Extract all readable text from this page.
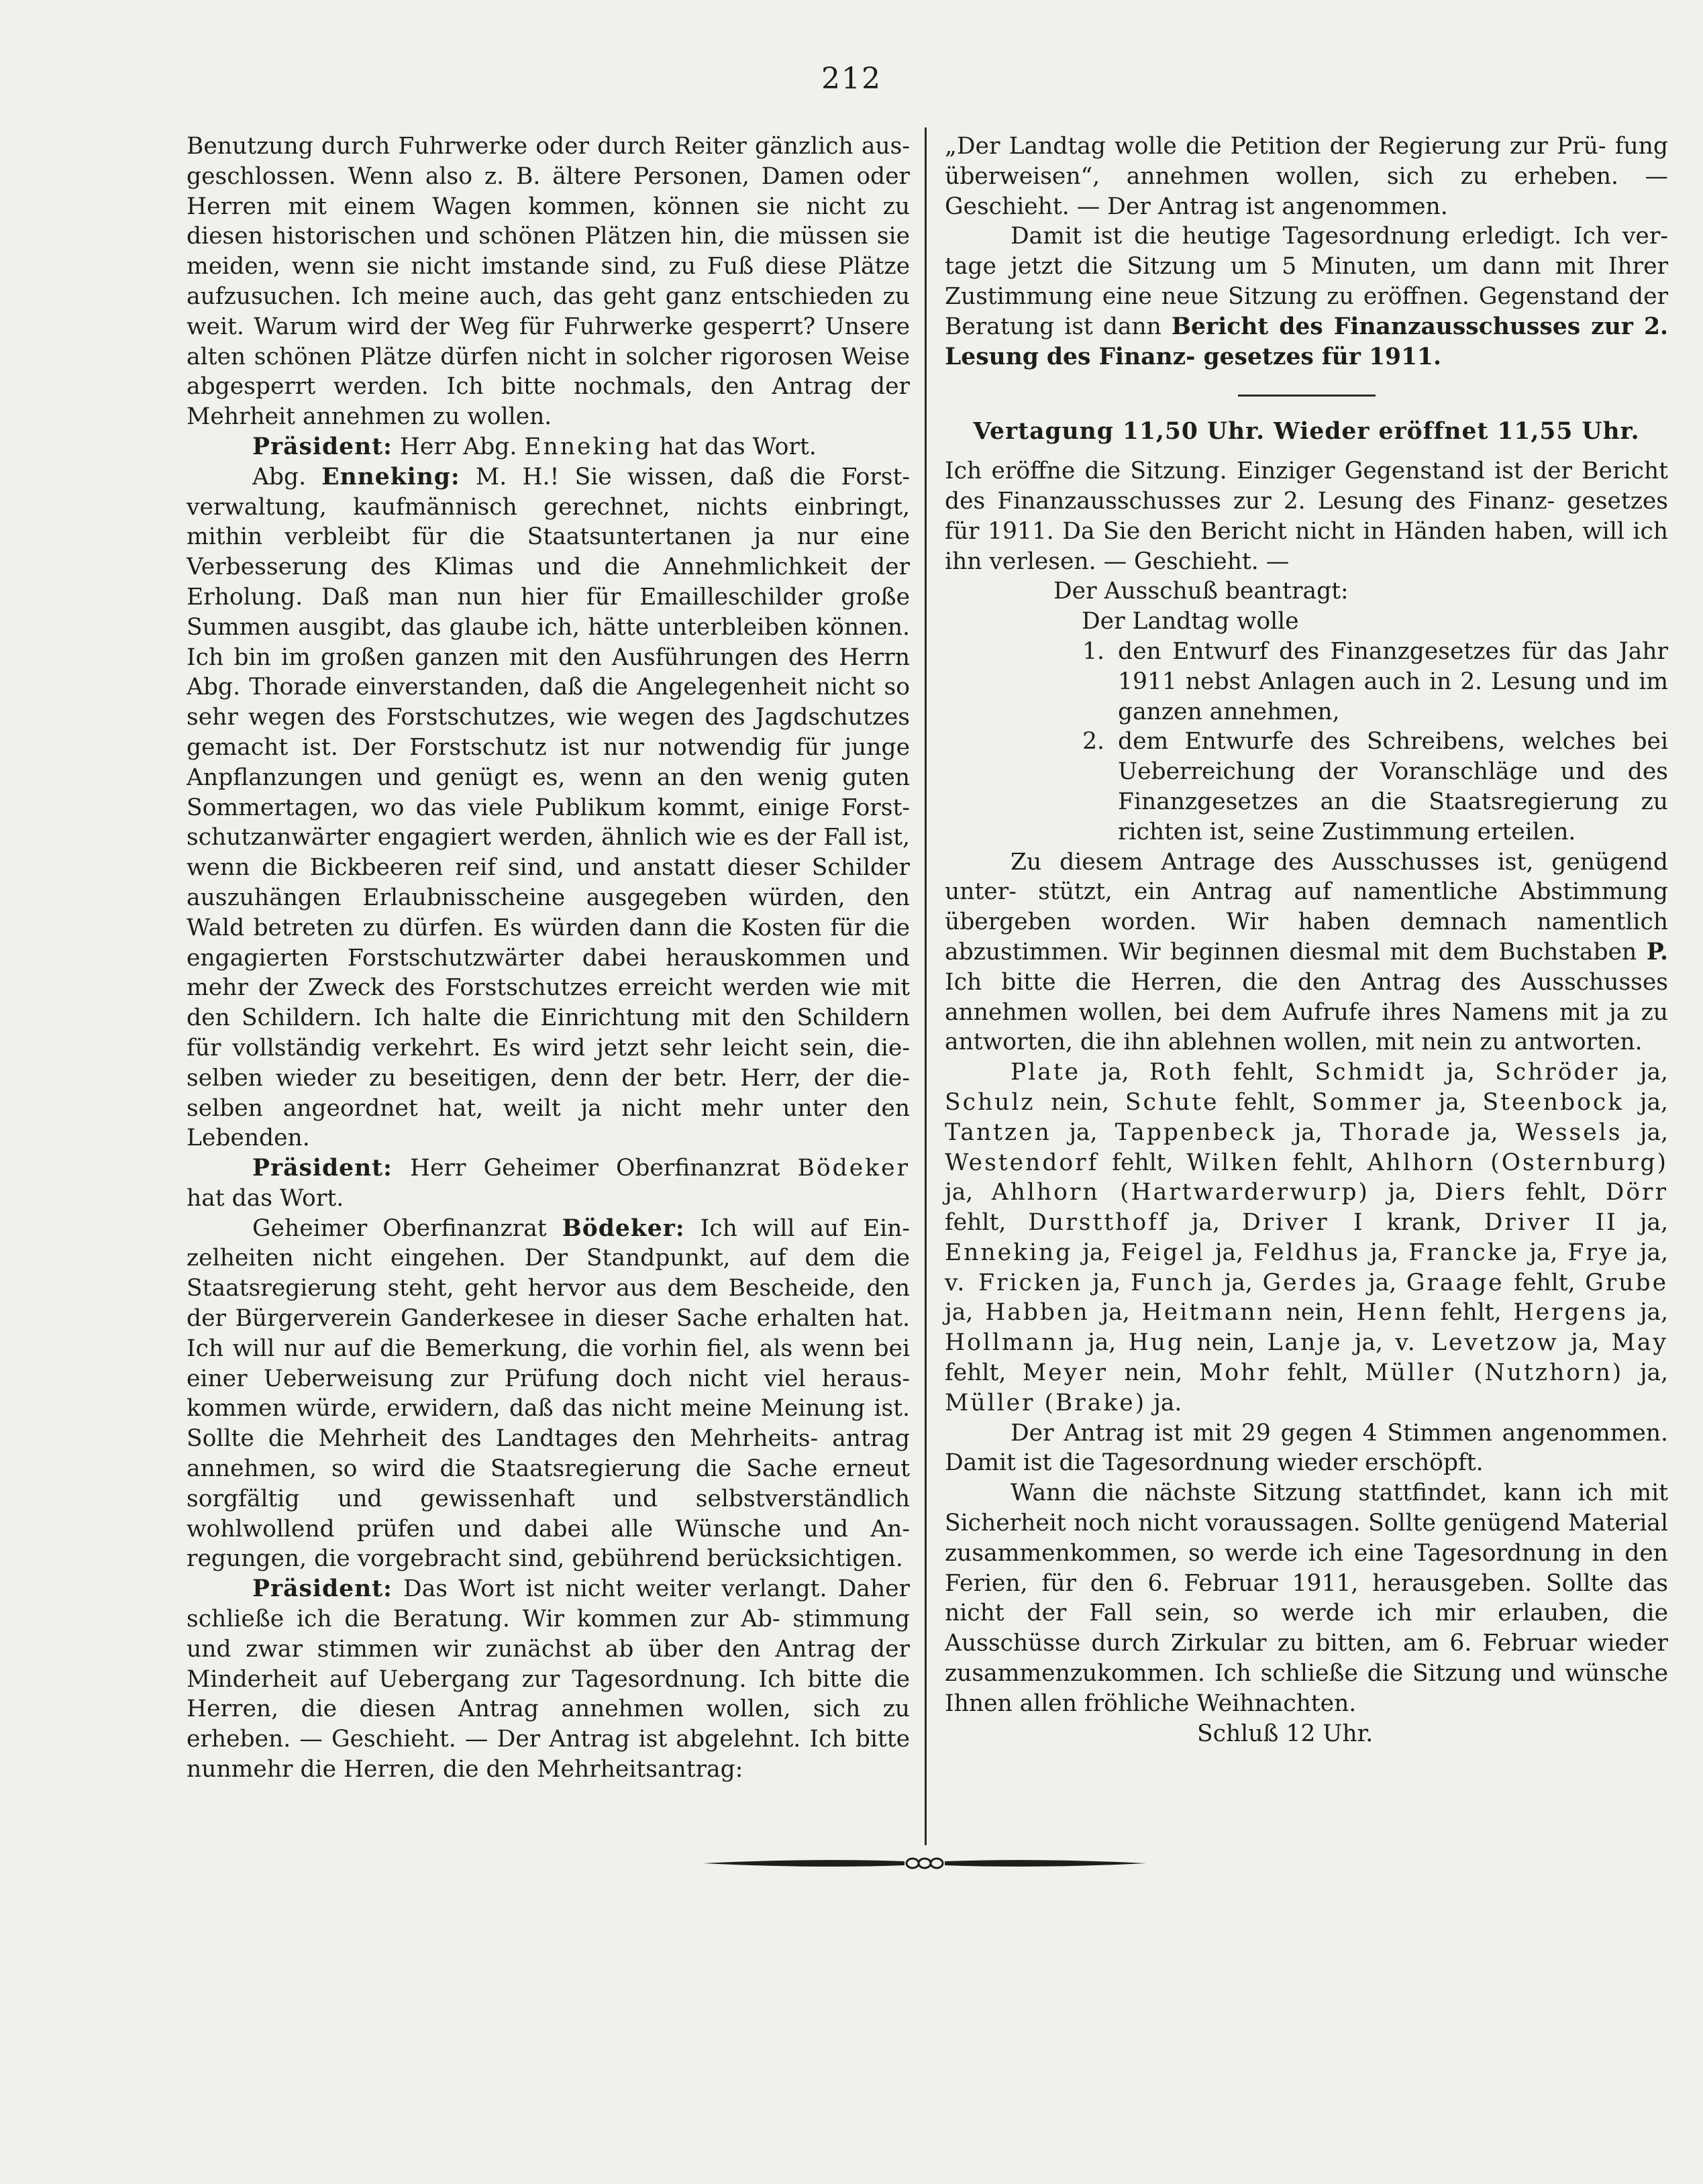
212

Benutzung durch Fuhrwerke oder durch Reiter gänzlich aus- geschlossen. Wenn also z. B. ältere Personen, Damen oder Herren mit einem Wagen kommen, können sie nicht zu diesen historischen und schönen Plätzen hin, die müssen sie meiden, wenn sie nicht imstande sind, zu Fuß diese Plätze aufzusuchen. Ich meine auch, das geht ganz entschieden zu weit. Warum wird der Weg für Fuhrwerke gesperrt? Unsere alten schönen Plätze dürfen nicht in solcher rigorosen Weise abgesperrt werden. Ich bitte nochmals, den Antrag der Mehrheit annehmen zu wollen.

Präsident: Herr Abg. Enneking hat das Wort.

Abg. Enneking: M. H.! Sie wissen, daß die Forst- verwaltung, kaufmännisch gerechnet, nichts einbringt, mithin verbleibt für die Staatsuntertanen ja nur eine Verbesserung des Klimas und die Annehmlichkeit der Erholung. Daß man nun hier für Emailleschilder große Summen ausgibt, das glaube ich, hätte unterbleiben können. Ich bin im großen ganzen mit den Ausführungen des Herrn Abg. Thorade einverstanden, daß die Angelegenheit nicht so sehr wegen des Forstschutzes, wie wegen des Jagdschutzes gemacht ist. Der Forstschutz ist nur notwendig für junge Anpflanzungen und genügt es, wenn an den wenig guten Sommertagen, wo das viele Publikum kommt, einige Forst- schutzanwärter engagiert werden, ähnlich wie es der Fall ist, wenn die Bickbeeren reif sind, und anstatt dieser Schilder auszuhängen Erlaubnisscheine ausgegeben würden, den Wald betreten zu dürfen. Es würden dann die Kosten für die engagierten Forstschutzwärter dabei herauskommen und mehr der Zweck des Forstschutzes erreicht werden wie mit den Schildern. Ich halte die Einrichtung mit den Schildern für vollständig verkehrt. Es wird jetzt sehr leicht sein, die- selben wieder zu beseitigen, denn der betr. Herr, der die- selben angeordnet hat, weilt ja nicht mehr unter den Lebenden.

Präsident: Herr Geheimer Oberfinanzrat Bödeker hat das Wort.

Geheimer Oberfinanzrat Bödeker: Ich will auf Ein- zelheiten nicht eingehen. Der Standpunkt, auf dem die Staatsregierung steht, geht hervor aus dem Bescheide, den der Bürgerverein Ganderkesee in dieser Sache erhalten hat. Ich will nur auf die Bemerkung, die vorhin fiel, als wenn bei einer Ueberweisung zur Prüfung doch nicht viel heraus- kommen würde, erwidern, daß das nicht meine Meinung ist. Sollte die Mehrheit des Landtages den Mehrheits- antrag annehmen, so wird die Staatsregierung die Sache erneut sorgfältig und gewissenhaft und selbstverständlich wohlwollend prüfen und dabei alle Wünsche und An- regungen, die vorgebracht sind, gebührend berücksichtigen.

Präsident: Das Wort ist nicht weiter verlangt. Daher schließe ich die Beratung. Wir kommen zur Ab- stimmung und zwar stimmen wir zunächst ab über den Antrag der Minderheit auf Uebergang zur Tagesordnung. Ich bitte die Herren, die diesen Antrag annehmen wollen, sich zu erheben. — Geschieht. — Der Antrag ist abgelehnt. Ich bitte nunmehr die Herren, die den Mehrheitsantrag:

„Der Landtag wolle die Petition der Regierung zur Prü- fung überweisen“, annehmen wollen, sich zu erheben. — Geschieht. — Der Antrag ist angenommen.

Damit ist die heutige Tagesordnung erledigt. Ich ver- tage jetzt die Sitzung um 5 Minuten, um dann mit Ihrer Zustimmung eine neue Sitzung zu eröffnen. Gegenstand der Beratung ist dann Bericht des Finanzausschusses zur 2. Lesung des Finanz- gesetzes für 1911.

Vertagung 11,50 Uhr. Wieder eröffnet 11,55 Uhr.

Ich eröffne die Sitzung. Einziger Gegenstand ist der Bericht des Finanzausschusses zur 2. Lesung des Finanz- gesetzes für 1911. Da Sie den Bericht nicht in Händen haben, will ich ihn verlesen. — Geschieht. —

Der Ausschuß beantragt:

Der Landtag wolle

1. den Entwurf des Finanzgesetzes für das Jahr 1911 nebst Anlagen auch in 2. Lesung und im ganzen annehmen,
2. dem Entwurfe des Schreibens, welches bei Ueberreichung der Voranschläge und des Finanzgesetzes an die Staatsregierung zu richten ist, seine Zustimmung erteilen.

Zu diesem Antrage des Ausschusses ist, genügend unter- stützt, ein Antrag auf namentliche Abstimmung übergeben worden. Wir haben demnach namentlich abzustimmen. Wir beginnen diesmal mit dem Buchstaben P. Ich bitte die Herren, die den Antrag des Ausschusses annehmen wollen, bei dem Aufrufe ihres Namens mit ja zu antworten, die ihn ablehnen wollen, mit nein zu antworten.

Plate ja, Roth fehlt, Schmidt ja, Schröder ja, Schulz nein, Schute fehlt, Sommer ja, Steenbock ja, Tantzen ja, Tappenbeck ja, Thorade ja, Wessels ja, Westendorf fehlt, Wilken fehlt, Ahlhorn (Osternburg) ja, Ahlhorn (Hartwarderwurp) ja, Diers fehlt, Dörr fehlt, Durstthoff ja, Driver I krank, Driver II ja, Enneking ja, Feigel ja, Feldhus ja, Francke ja, Frye ja, v. Fricken ja, Funch ja, Gerdes ja, Graage fehlt, Grube ja, Habben ja, Heitmann nein, Henn fehlt, Hergens ja, Hollmann ja, Hug nein, Lanje ja, v. Levetzow ja, May fehlt, Meyer nein, Mohr fehlt, Müller (Nutzhorn) ja, Müller (Brake) ja.

Der Antrag ist mit 29 gegen 4 Stimmen angenommen. Damit ist die Tagesordnung wieder erschöpft.

Wann die nächste Sitzung stattfindet, kann ich mit Sicherheit noch nicht voraussagen. Sollte genügend Material zusammenkommen, so werde ich eine Tagesordnung in den Ferien, für den 6. Februar 1911, herausgeben. Sollte das nicht der Fall sein, so werde ich mir erlauben, die Ausschüsse durch Zirkular zu bitten, am 6. Februar wieder zusammenzukommen. Ich schließe die Sitzung und wünsche Ihnen allen fröhliche Weihnachten.

Schluß 12 Uhr.
